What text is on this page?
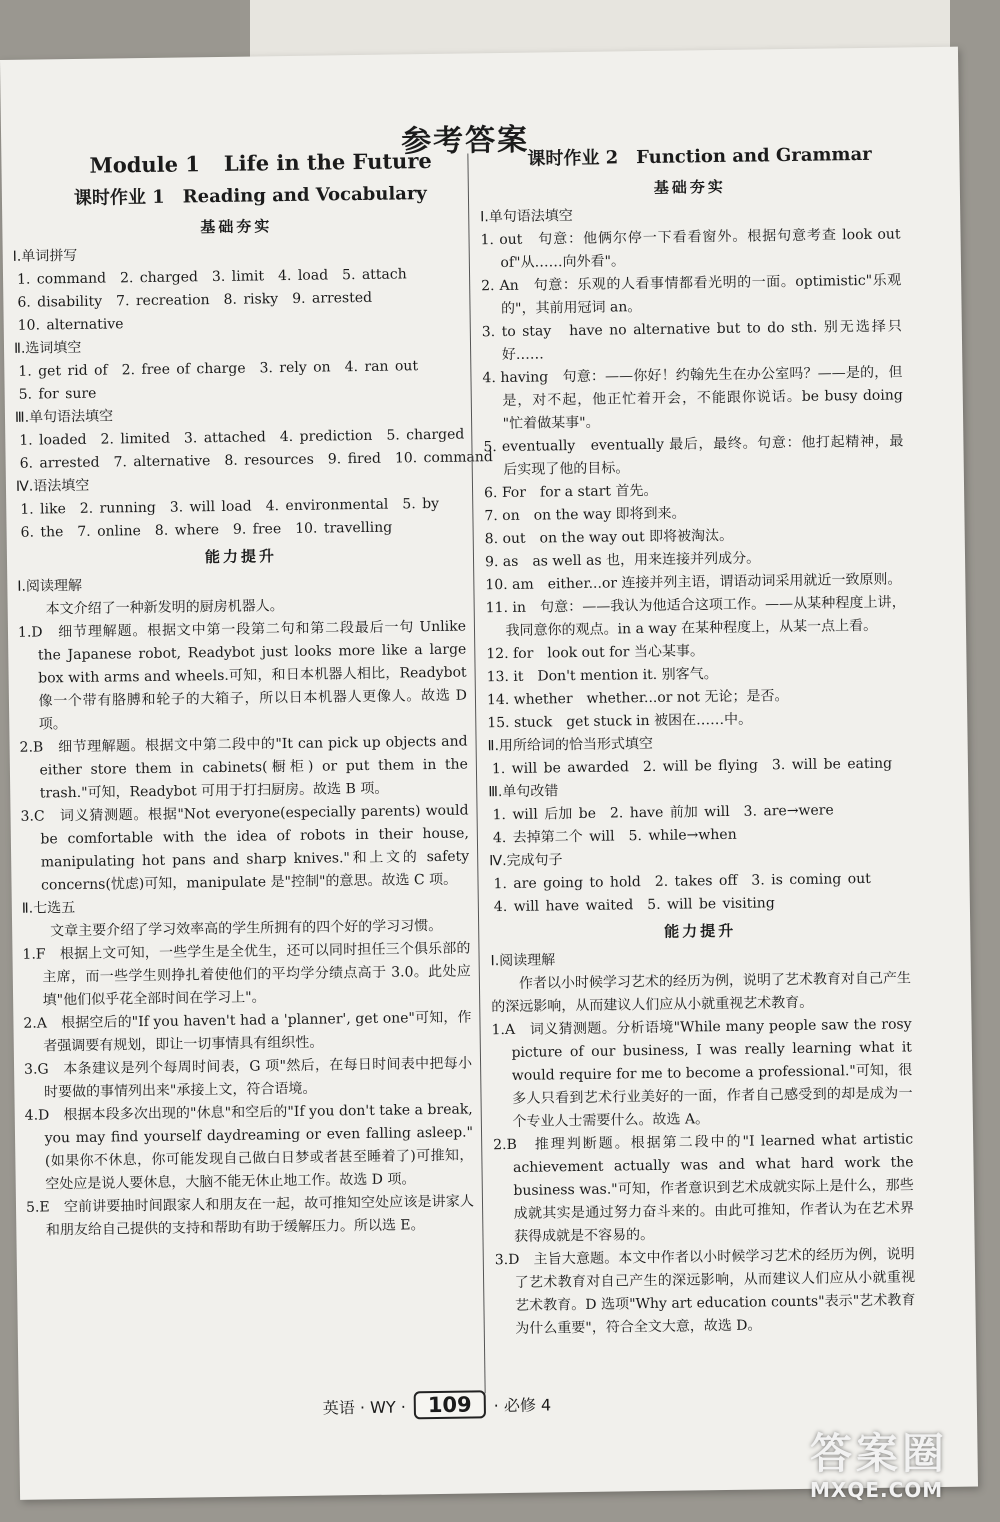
参考答案
Module 1 Life in the Future
课时作业 1 Reading and Vocabulary
基础夯实
Ⅰ.单词拼写
1. command 2. charged 3. limit 4. load 5. attach
6. disability 7. recreation 8. risky 9. arrested
10. alternative
Ⅱ.选词填空
1. get rid of 2. free of charge 3. rely on 4. ran out
5. for sure
Ⅲ.单句语法填空
1. loaded 2. limited 3. attached 4. prediction 5. charged
6. arrested 7. alternative 8. resources 9. fired 10. command
Ⅳ.语法填空
1. like 2. running 3. will load 4. environmental 5. by
6. the 7. online 8. where 9. free 10. travelling
能力提升
Ⅰ.阅读理解
本文介绍了一种新发明的厨房机器人。
1.D　细节理解题。根据文中第一段第二句和第二段最后一句 Unlike the Japanese robot, Readybot just looks more like a large box with arms and wheels.可知，和日本机器人相比，Readybot 像一个带有胳膊和轮子的大箱子，所以日本机器人更像人。故选 D 项。
2.B　细节理解题。根据文中第二段中的"It can pick up objects and either store them in cabinets(橱柜) or put them in the trash."可知，Readybot 可用于打扫厨房。故选 B 项。
3.C　词义猜测题。根据"Not everyone(especially parents) would be comfortable with the idea of robots in their house, manipulating hot pans and sharp knives."和上文的 safety concerns(忧虑)可知，manipulate 是"控制"的意思。故选 C 项。
Ⅱ.七选五
文章主要介绍了学习效率高的学生所拥有的四个好的学习习惯。
1.F　根据上文可知，一些学生是全优生，还可以同时担任三个俱乐部的主席，而一些学生则挣扎着使他们的平均学分绩点高于 3.0。此处应填"他们似乎花全部时间在学习上"。
2.A　根据空后的"If you haven't had a 'planner', get one"可知，作者强调要有规划，即让一切事情具有组织性。
3.G　本条建议是列个每周时间表，G 项"然后，在每日时间表中把每小时要做的事情列出来"承接上文，符合语境。
4.D　根据本段多次出现的"休息"和空后的"If you don't take a break, you may find yourself daydreaming or even falling asleep."(如果你不休息，你可能发现自己做白日梦或者甚至睡着了)可推知，空处应是说人要休息，大脑不能无休止地工作。故选 D 项。
5.E　空前讲要抽时间跟家人和朋友在一起，故可推知空处应该是讲家人和朋友给自己提供的支持和帮助有助于缓解压力。所以选 E。
课时作业 2 Function and Grammar
基础夯实
Ⅰ.单句语法填空
1. out　句意：他俩尔停一下看看窗外。根据句意考查 look out of"从……向外看"。
2. An　句意：乐观的人看事情都看光明的一面。optimistic"乐观的"，其前用冠词 an。
3. to stay　have no alternative but to do sth. 别无选择只好……
4. having　句意：——你好！约翰先生在办公室吗？——是的，但是，对不起，他正忙着开会，不能跟你说话。be busy doing "忙着做某事"。
5. eventually　eventually 最后，最终。句意：他打起精神，最后实现了他的目标。
6. For　for a start 首先。
7. on　on the way 即将到来。
8. out　on the way out 即将被淘汰。
9. as　as well as 也，用来连接并列成分。
10. am　either...or 连接并列主语，谓语动词采用就近一致原则。
11. in　句意：——我认为他适合这项工作。——从某种程度上讲，我同意你的观点。in a way 在某种程度上，从某一点上看。
12. for　look out for 当心某事。
13. it　Don't mention it. 别客气。
14. whether　whether...or not 无论；是否。
15. stuck　get stuck in 被困在……中。
Ⅱ.用所给词的恰当形式填空
1. will be awarded 2. will be flying 3. will be eating
Ⅲ.单句改错
1. will 后加 be 2. have 前加 will 3. are→were
4. 去掉第二个 will 5. while→when
Ⅳ.完成句子
1. are going to hold 2. takes off 3. is coming out
4. will have waited 5. will be visiting
能力提升
Ⅰ.阅读理解
作者以小时候学习艺术的经历为例，说明了艺术教育对自己产生的深远影响，从而建议人们应从小就重视艺术教育。
1.A　词义猜测题。分析语境"While many people saw the rosy picture of our business, I was really learning what it would require for me to become a professional."可知，很多人只看到艺术行业美好的一面，作者自己感受到的却是成为一个专业人士需要什么。故选 A。
2.B　推理判断题。根据第二段中的"I learned what artistic achievement actually was and what hard work the business was."可知，作者意识到艺术成就实际上是什么，那些成就其实是通过努力奋斗来的。由此可推知，作者认为在艺术界获得成就是不容易的。
3.D　主旨大意题。本文中作者以小时候学习艺术的经历为例，说明了艺术教育对自己产生的深远影响，从而建议人们应从小就重视艺术教育。D 选项"Why art education counts"表示"艺术教育为什么重要"，符合全文大意，故选 D。
英语 · WY ·	109	· 必修 4
答案圈
MXQE.COM
